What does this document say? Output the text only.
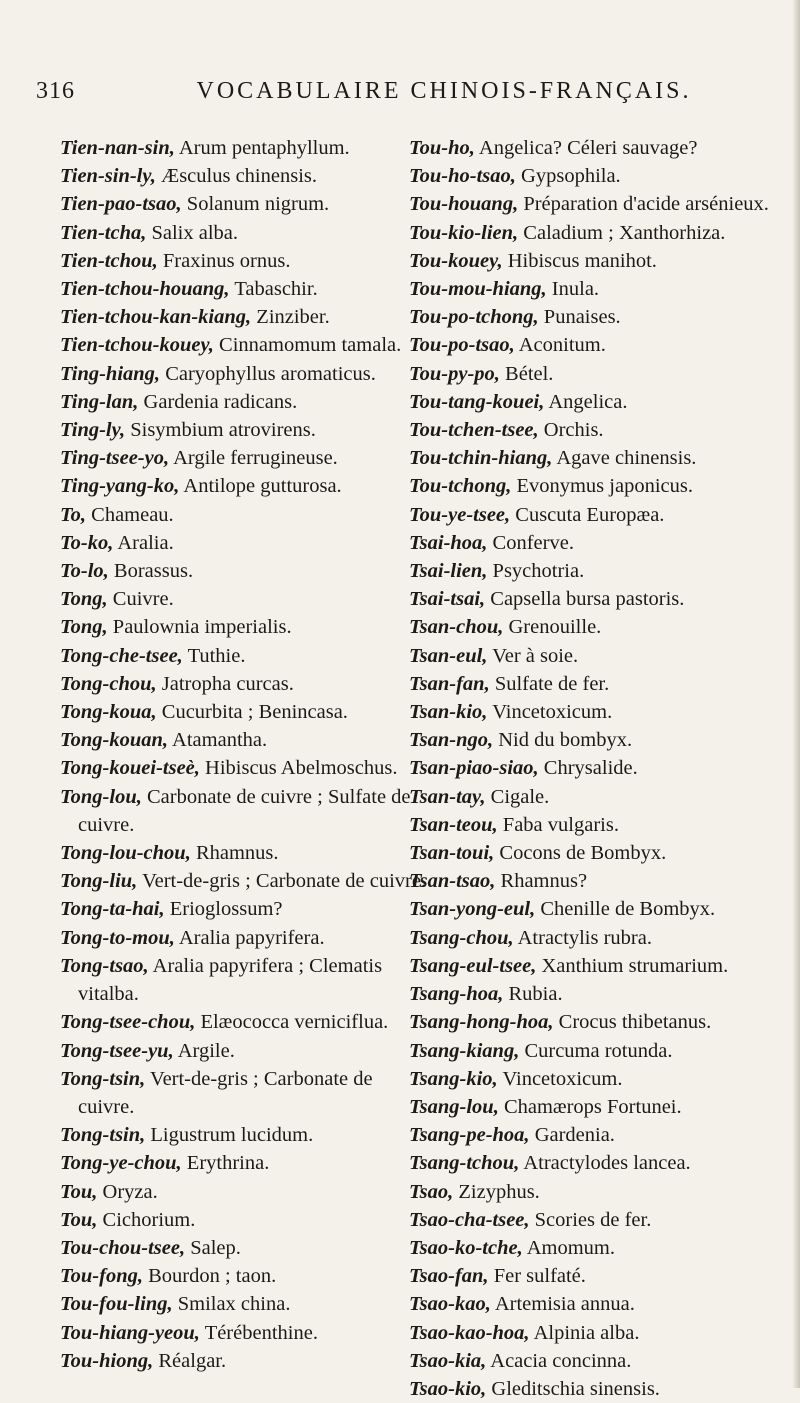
316	VOCABULAIRE CHINOIS-FRANÇAIS.

Tien-nan-sin, Arum pentaphyllum.

Tien-sin-ly, Æsculus chinensis.

Tien-pao-tsao, Solanum nigrum.

Tien-tcha, Salix alba.

Tien-tchou, Fraxinus ornus.

Tien-tchou-houang, Tabaschir.

Tien-tchou-kan-kiang, Zinziber.

Tien-tchou-kouey, Cinnamomum tamala.

Ting-hiang, Caryophyllus aromaticus.

Ting-lan, Gardenia radicans.

Ting-ly, Sisymbium atrovirens.

Ting-tsee-yo, Argile ferrugineuse.

Ting-yang-ko, Antilope gutturosa.

To, Chameau.

To-ko, Aralia.

To-lo, Borassus.

Tong, Cuivre.

Tong, Paulownia imperialis.

Tong-che-tsee, Tuthie.

Tong-chou, Jatropha curcas.

Tong-koua, Cucurbita ; Benincasa.

Tong-kouan, Atamantha.

Tong-kouei-tseè, Hibiscus Abelmoschus.

Tong-lou, Carbonate de cuivre ; Sulfate de cuivre.

Tong-lou-chou, Rhamnus.

Tong-liu, Vert-de-gris ; Carbonate de cuivre.

Tong-ta-hai, Erioglossum?

Tong-to-mou, Aralia papyrifera.

Tong-tsao, Aralia papyrifera ; Clematis vitalba.

Tong-tsee-chou, Elæococca verniciflua.

Tong-tsee-yu, Argile.

Tong-tsin, Vert-de-gris ; Carbonate de cuivre.

Tong-tsin, Ligustrum lucidum.

Tong-ye-chou, Erythrina.

Tou, Oryza.

Tou, Cichorium.

Tou-chou-tsee, Salep.

Tou-fong, Bourdon ; taon.

Tou-fou-ling, Smilax china.

Tou-hiang-yeou, Térébenthine.

Tou-hiong, Réalgar.

Tou-ho, Angelica? Céleri sauvage?

Tou-ho-tsao, Gypsophila.

Tou-houang, Préparation d'acide arsénieux.

Tou-kio-lien, Caladium ; Xanthorhiza.

Tou-kouey, Hibiscus manihot.

Tou-mou-hiang, Inula.

Tou-po-tchong, Punaises.

Tou-po-tsao, Aconitum.

Tou-py-po, Bétel.

Tou-tang-kouei, Angelica.

Tou-tchen-tsee, Orchis.

Tou-tchin-hiang, Agave chinensis.

Tou-tchong, Evonymus japonicus.

Tou-ye-tsee, Cuscuta Europæa.

Tsai-hoa, Conferve.

Tsai-lien, Psychotria.

Tsai-tsai, Capsella bursa pastoris.

Tsan-chou, Grenouille.

Tsan-eul, Ver à soie.

Tsan-fan, Sulfate de fer.

Tsan-kio, Vincetoxicum.

Tsan-ngo, Nid du bombyx.

Tsan-piao-siao, Chrysalide.

Tsan-tay, Cigale.

Tsan-teou, Faba vulgaris.

Tsan-toui, Cocons de Bombyx.

Tsan-tsao, Rhamnus?

Tsan-yong-eul, Chenille de Bombyx.

Tsang-chou, Atractylis rubra.

Tsang-eul-tsee, Xanthium strumarium.

Tsang-hoa, Rubia.

Tsang-hong-hoa, Crocus thibetanus.

Tsang-kiang, Curcuma rotunda.

Tsang-kio, Vincetoxicum.

Tsang-lou, Chamærops Fortunei.

Tsang-pe-hoa, Gardenia.

Tsang-tchou, Atractylodes lancea.

Tsao, Zizyphus.

Tsao-cha-tsee, Scories de fer.

Tsao-ko-tche, Amomum.

Tsao-fan, Fer sulfaté.

Tsao-kao, Artemisia annua.

Tsao-kao-hoa, Alpinia alba.

Tsao-kia, Acacia concinna.

Tsao-kio, Gleditschia sinensis.
